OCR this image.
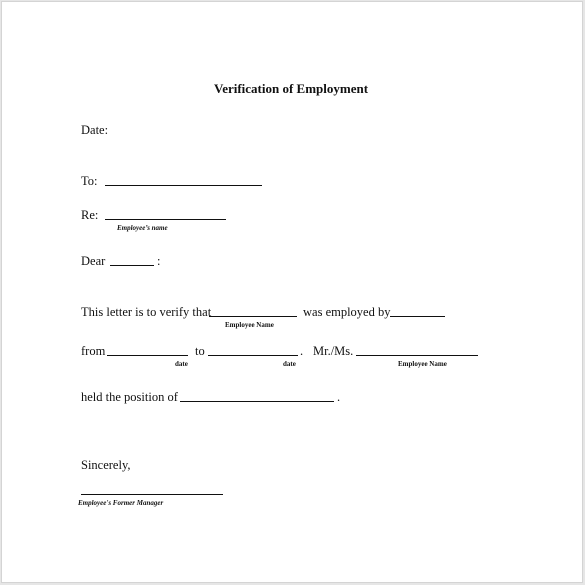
Verification of Employment
Date:
To:
Re:
Employee’s name
Dear	:
This letter is to verify that
Employee Name
was employed by
from
date
to
date
. Mr./Ms.
Employee Name
held the position of	.
Sincerely,
Employee's Former Manager
